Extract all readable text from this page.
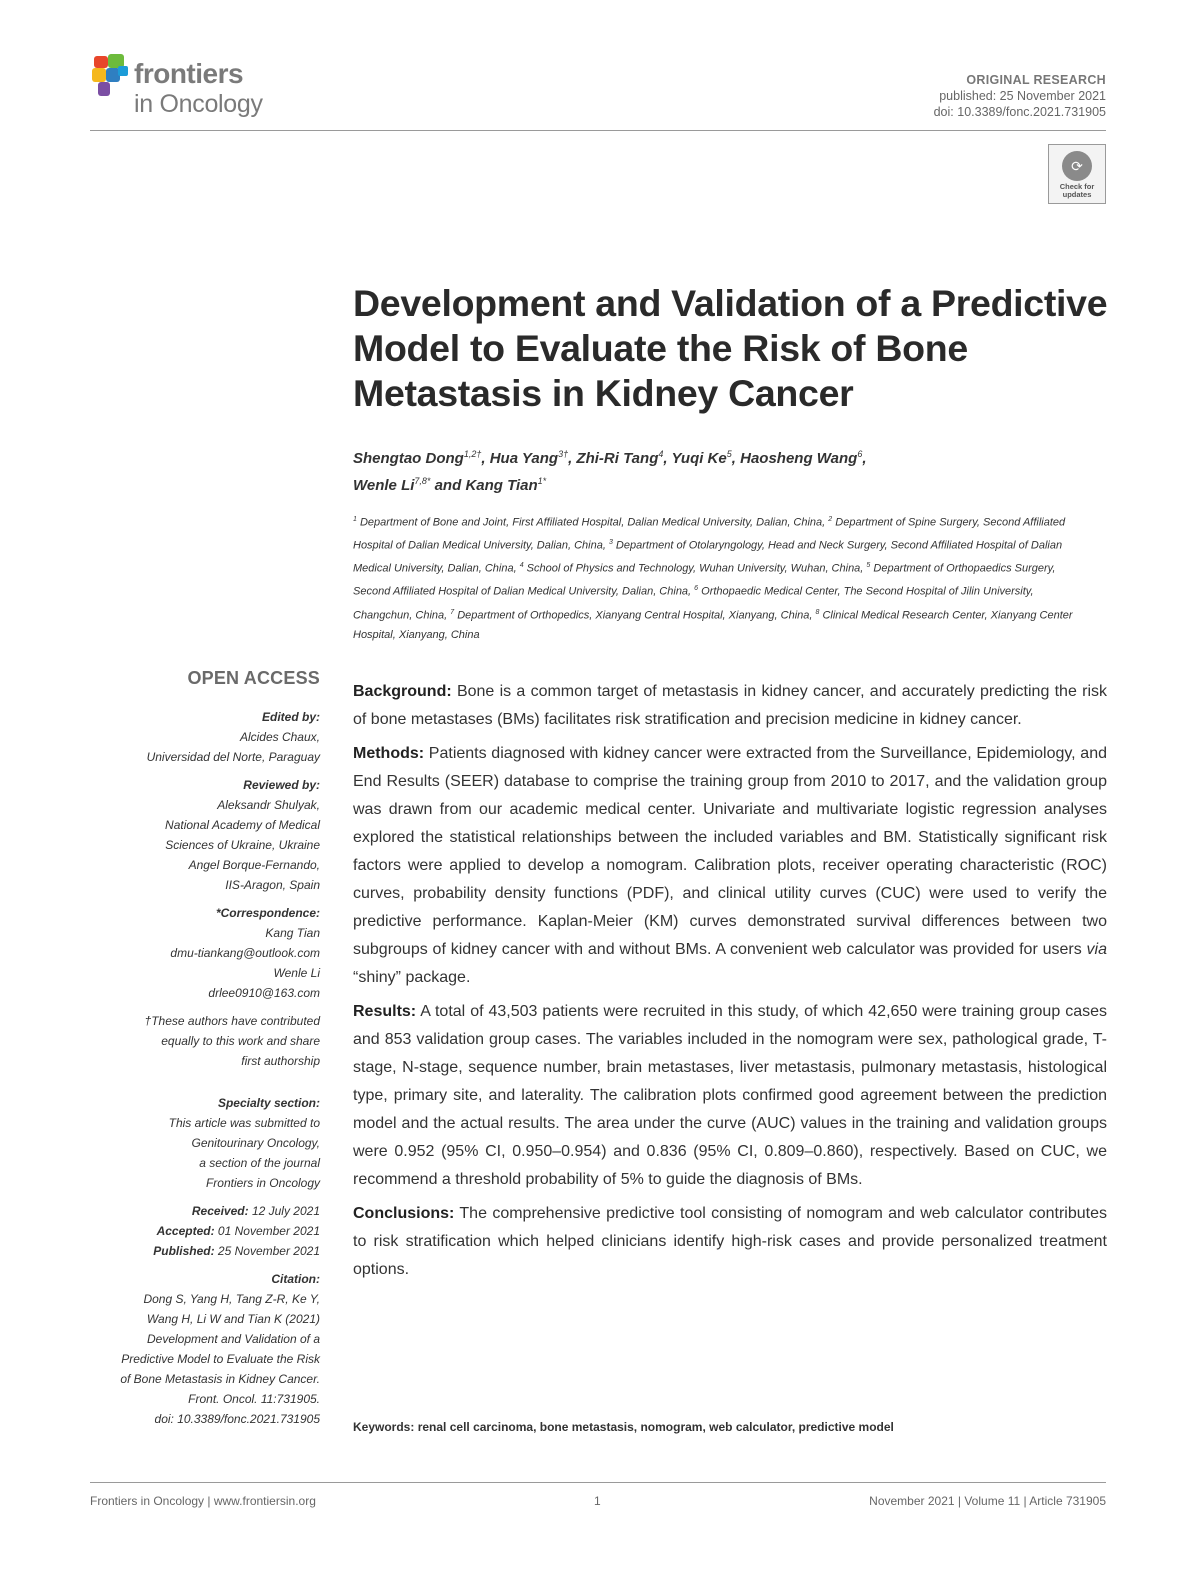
frontiers
in Oncology
ORIGINAL RESEARCH
published: 25 November 2021
doi: 10.3389/fonc.2021.731905
⟳
Check for updates
Development and Validation of a Predictive Model to Evaluate the Risk of Bone Metastasis in Kidney Cancer
Shengtao Dong$^{1,2\dagger}$, Hua Yang$^{3\dagger}$, Zhi-Ri Tang$^4$, Yuqi Ke$^5$, Haosheng Wang$^6$,
Wenle $Li^{7,8*}$ and Kang Tian$^{1*}$
$^1$ Department of Bone and Joint, First Affiliated Hospital, Dalian Medical University, Dalian, China, $^2$ Department of Spine Surgery, Second Affiliated Hospital of Dalian Medical University, Dalian, China, $^3$ Department of Otolaryngology, Head and Neck Surgery, Second Affiliated Hospital of Dalian Medical University, Dalian, China, $^4$ School of Physics and Technology, Wuhan University, Wuhan, China, $^5$ Department of Orthopaedics Surgery, Second Affiliated Hospital of Dalian Medical University, Dalian, China, $^6$ Orthopaedic Medical Center, The Second Hospital of Jilin University, Changchun, China, $^7$ Department of Orthopedics, Xianyang Central Hospital, Xianyang, China, $^8$ Clinical Medical Research Center, Xianyang Center Hospital, Xianyang, China
OPEN ACCESS
Edited by:
Alcides Chaux,
Universidad del Norte, Paraguay
Reviewed by:
Aleksandr Shulyak,
National Academy of Medical
Sciences of Ukraine, Ukraine
Angel Borque-Fernando,
IIS-Aragon, Spain
*Correspondence:
Kang Tian
dmu-tiankang@outlook.com
Wenle Li
drlee0910@163.com
†These authors have contributed
equally to this work and share
first authorship
Specialty section:
This article was submitted to
Genitourinary Oncology,
a section of the journal
Frontiers in Oncology
Received: 12 July 2021
Accepted: 01 November 2021
Published: 25 November 2021
Citation:
Dong S, Yang H, Tang Z-R, Ke Y,
Wang H, Li W and Tian K (2021)
Development and Validation of a
Predictive Model to Evaluate the Risk
of Bone Metastasis in Kidney Cancer.
Front. Oncol. 11:731905.
doi: 10.3389/fonc.2021.731905

Background: Bone is a common target of metastasis in kidney cancer, and accurately predicting the risk of bone metastases (BMs) facilitates risk stratification and precision medicine in kidney cancer.

Methods: Patients diagnosed with kidney cancer were extracted from the Surveillance, Epidemiology, and End Results (SEER) database to comprise the training group from 2010 to 2017, and the validation group was drawn from our academic medical center. Univariate and multivariate logistic regression analyses explored the statistical relationships between the included variables and BM. Statistically significant risk factors were applied to develop a nomogram. Calibration plots, receiver operating characteristic (ROC) curves, probability density functions (PDF), and clinical utility curves (CUC) were used to verify the predictive performance. Kaplan-Meier (KM) curves demonstrated survival differences between two subgroups of kidney cancer with and without BMs. A convenient web calculator was provided for users via “shiny” package.

Results: A total of 43,503 patients were recruited in this study, of which 42,650 were training group cases and 853 validation group cases. The variables included in the nomogram were sex, pathological grade, T-stage, N-stage, sequence number, brain metastases, liver metastasis, pulmonary metastasis, histological type, primary site, and laterality. The calibration plots confirmed good agreement between the prediction model and the actual results. The area under the curve (AUC) values in the training and validation groups were 0.952 (95% CI, 0.950–0.954) and 0.836 (95% CI, 0.809–0.860), respectively. Based on CUC, we recommend a threshold probability of 5% to guide the diagnosis of BMs.

Conclusions: The comprehensive predictive tool consisting of nomogram and web calculator contributes to risk stratification which helped clinicians identify high-risk cases and provide personalized treatment options.

Keywords: renal cell carcinoma, bone metastasis, nomogram, web calculator, predictive model
Frontiers in Oncology | www.frontiersin.org	1	November 2021 | Volume 11 | Article 731905
